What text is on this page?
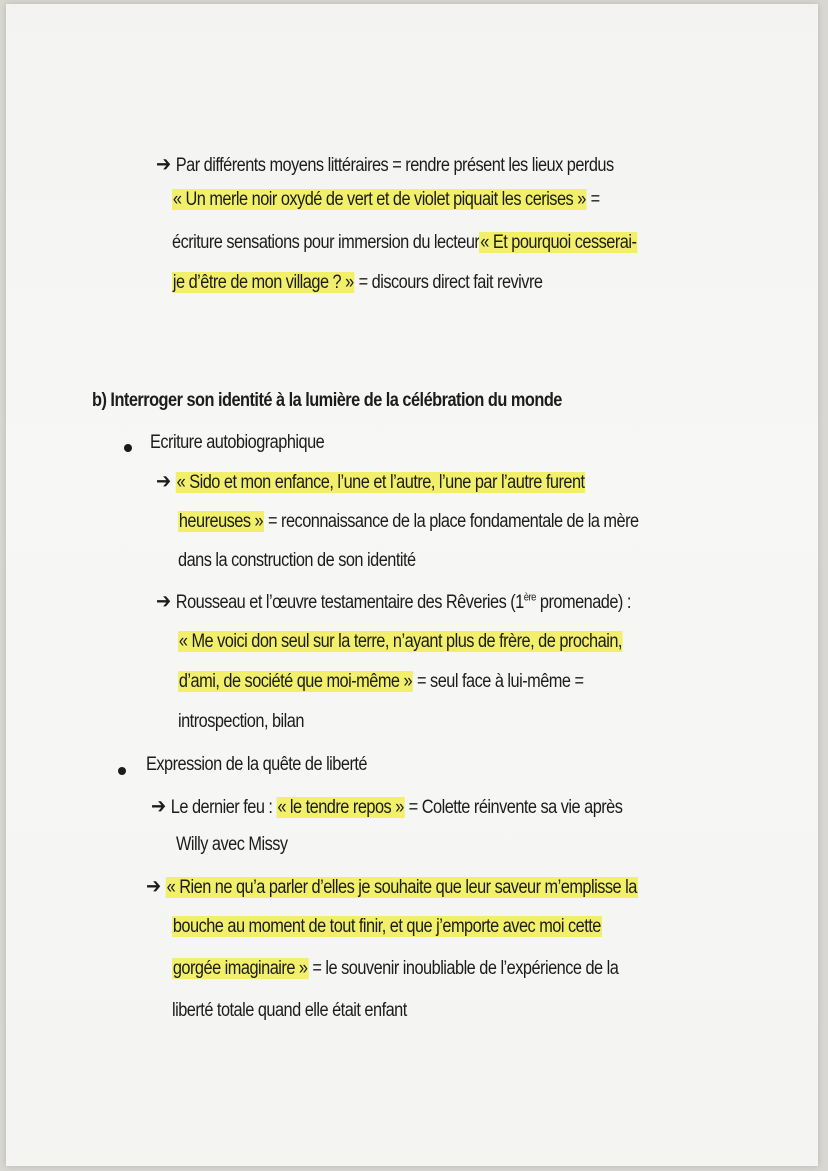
➔ Par différents moyens littéraires = rendre présent les lieux perdus
« Un merle noir oxydé de vert et de violet piquait les cerises » =
écriture sensations pour immersion du lecteur« Et pourquoi cesserai-
je d’être de mon village ? » = discours direct fait revivre
b) Interroger son identité à la lumière de la célébration du monde
Ecriture autobiographique
➔ « Sido et mon enfance, l’une et l’autre, l’une par l’autre furent
heureuses » = reconnaissance de la place fondamentale de la mère
dans la construction de son identité
➔ Rousseau et l’œuvre testamentaire des Rêveries (1ère promenade) :
« Me voici don seul sur la terre, n’ayant plus de frère, de prochain,
d’ami, de société que moi-même » = seul face à lui-même =
introspection, bilan
Expression de la quête de liberté
➔ Le dernier feu : « le tendre repos » = Colette réinvente sa vie après
Willy avec Missy
➔ « Rien ne qu’a parler d’elles je souhaite que leur saveur m’emplisse la
bouche au moment de tout finir, et que j’emporte avec moi cette
gorgée imaginaire » = le souvenir inoubliable de l’expérience de la
liberté totale quand elle était enfant
